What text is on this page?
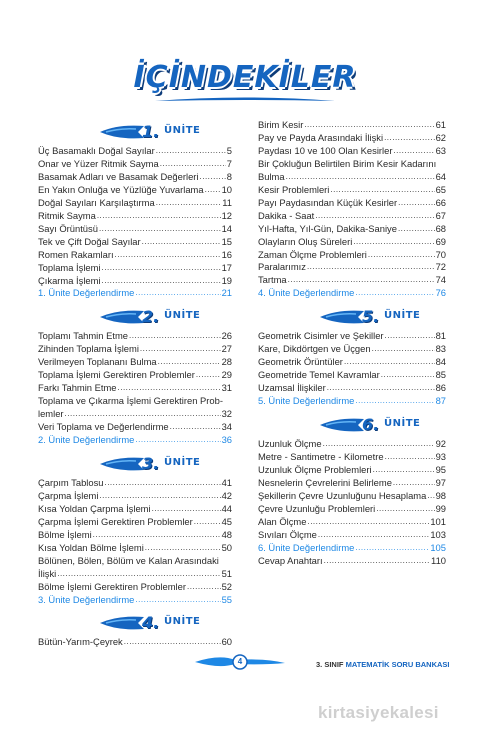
İÇİNDEKİLER
4	3. SINIF MATEMATİK SORU BANKASI
kirtasiyekalesi
1. ÜNİTE
Üç Basamaklı Doğal Sayılar .....	5
Onar ve Yüzer Ritmik Sayma .....	7
Basamak Adları ve Basamak Değerleri .....	8
En Yakın Onluğa ve Yüzlüğe Yuvarlama ..... 10
Doğal Sayıları Karşılaştırma .....	11
Ritmik Sayma .....	12
Sayı Örüntüsü .....	14
Tek ve Çift Doğal Sayılar .....	15
Romen Rakamları .....	16
Toplama İşlemi .....	17
Çıkarma İşlemi .....	19
1. Ünite Değerlendirme .....	21
2. ÜNİTE
Toplamı Tahmin Etme .....	26
Zihinden Toplama İşlemi .....	27
Verilmeyen Toplananı Bulma .....	28
Toplama İşlemi Gerektiren Problemler .....	29
Farkı Tahmin Etme .....	31
Toplama ve Çıkarma İşlemi Gerektiren Prob-
lemler .....	32
Veri Toplama ve Değerlendirme .....	34
2. Ünite Değerlendirme .....	36
3. ÜNİTE
Çarpım Tablosu .....	41
Çarpma İşlemi .....	42
Kısa Yoldan Çarpma İşlemi .....	44
Çarpma İşlemi Gerektiren Problemler .....	45
Bölme İşlemi .....	48
Kısa Yoldan Bölme İşlemi .....	50
Bölünen, Bölen, Bölüm ve Kalan Arasındaki
İlişki .....	51
Bölme İşlemi Gerektiren Problemler .....	52
3. Ünite Değerlendirme .....	55
4. ÜNİTE
Bütün-Yarım-Çeyrek .....	60
Birim Kesir .....	61
Pay ve Payda Arasındaki İlişki .....	62
Paydası 10 ve 100 Olan Kesirler .....	63
Bir Çokluğun Belirtilen Birim Kesir Kadarını
Bulma .....	64
Kesir Problemleri .....	65
Payı Paydasından Küçük Kesirler .....	66
Dakika - Saat .....	67
Yıl-Hafta, Yıl-Gün, Dakika-Saniye .....	68
Olayların Oluş Süreleri .....	69
Zaman Ölçme Problemleri .....	70
Paralarımız .....	72
Tartma .....	74
4. Ünite Değerlendirme .....	76
5. ÜNİTE
Geometrik Cisimler ve Şekiller .....	81
Kare, Dikdörtgen ve Üçgen .....	83
Geometrik Örüntüler .....	84
Geometride Temel Kavramlar .....	85
Uzamsal İlişkiler .....	86
5. Ünite Değerlendirme .....	87
6. ÜNİTE
Uzunluk Ölçme .....	92
Metre - Santimetre - Kilometre .....	93
Uzunluk Ölçme Problemleri .....	95
Nesnelerin Çevrelerini Belirleme .....	97
Şekillerin Çevre Uzunluğunu Hesaplama ..... 98
Çevre Uzunluğu Problemleri .....	99
Alan Ölçme .....	101
Sıvıları Ölçme .....	103
6. Ünite Değerlendirme .....	105
Cevap Anahtarı .....	110
